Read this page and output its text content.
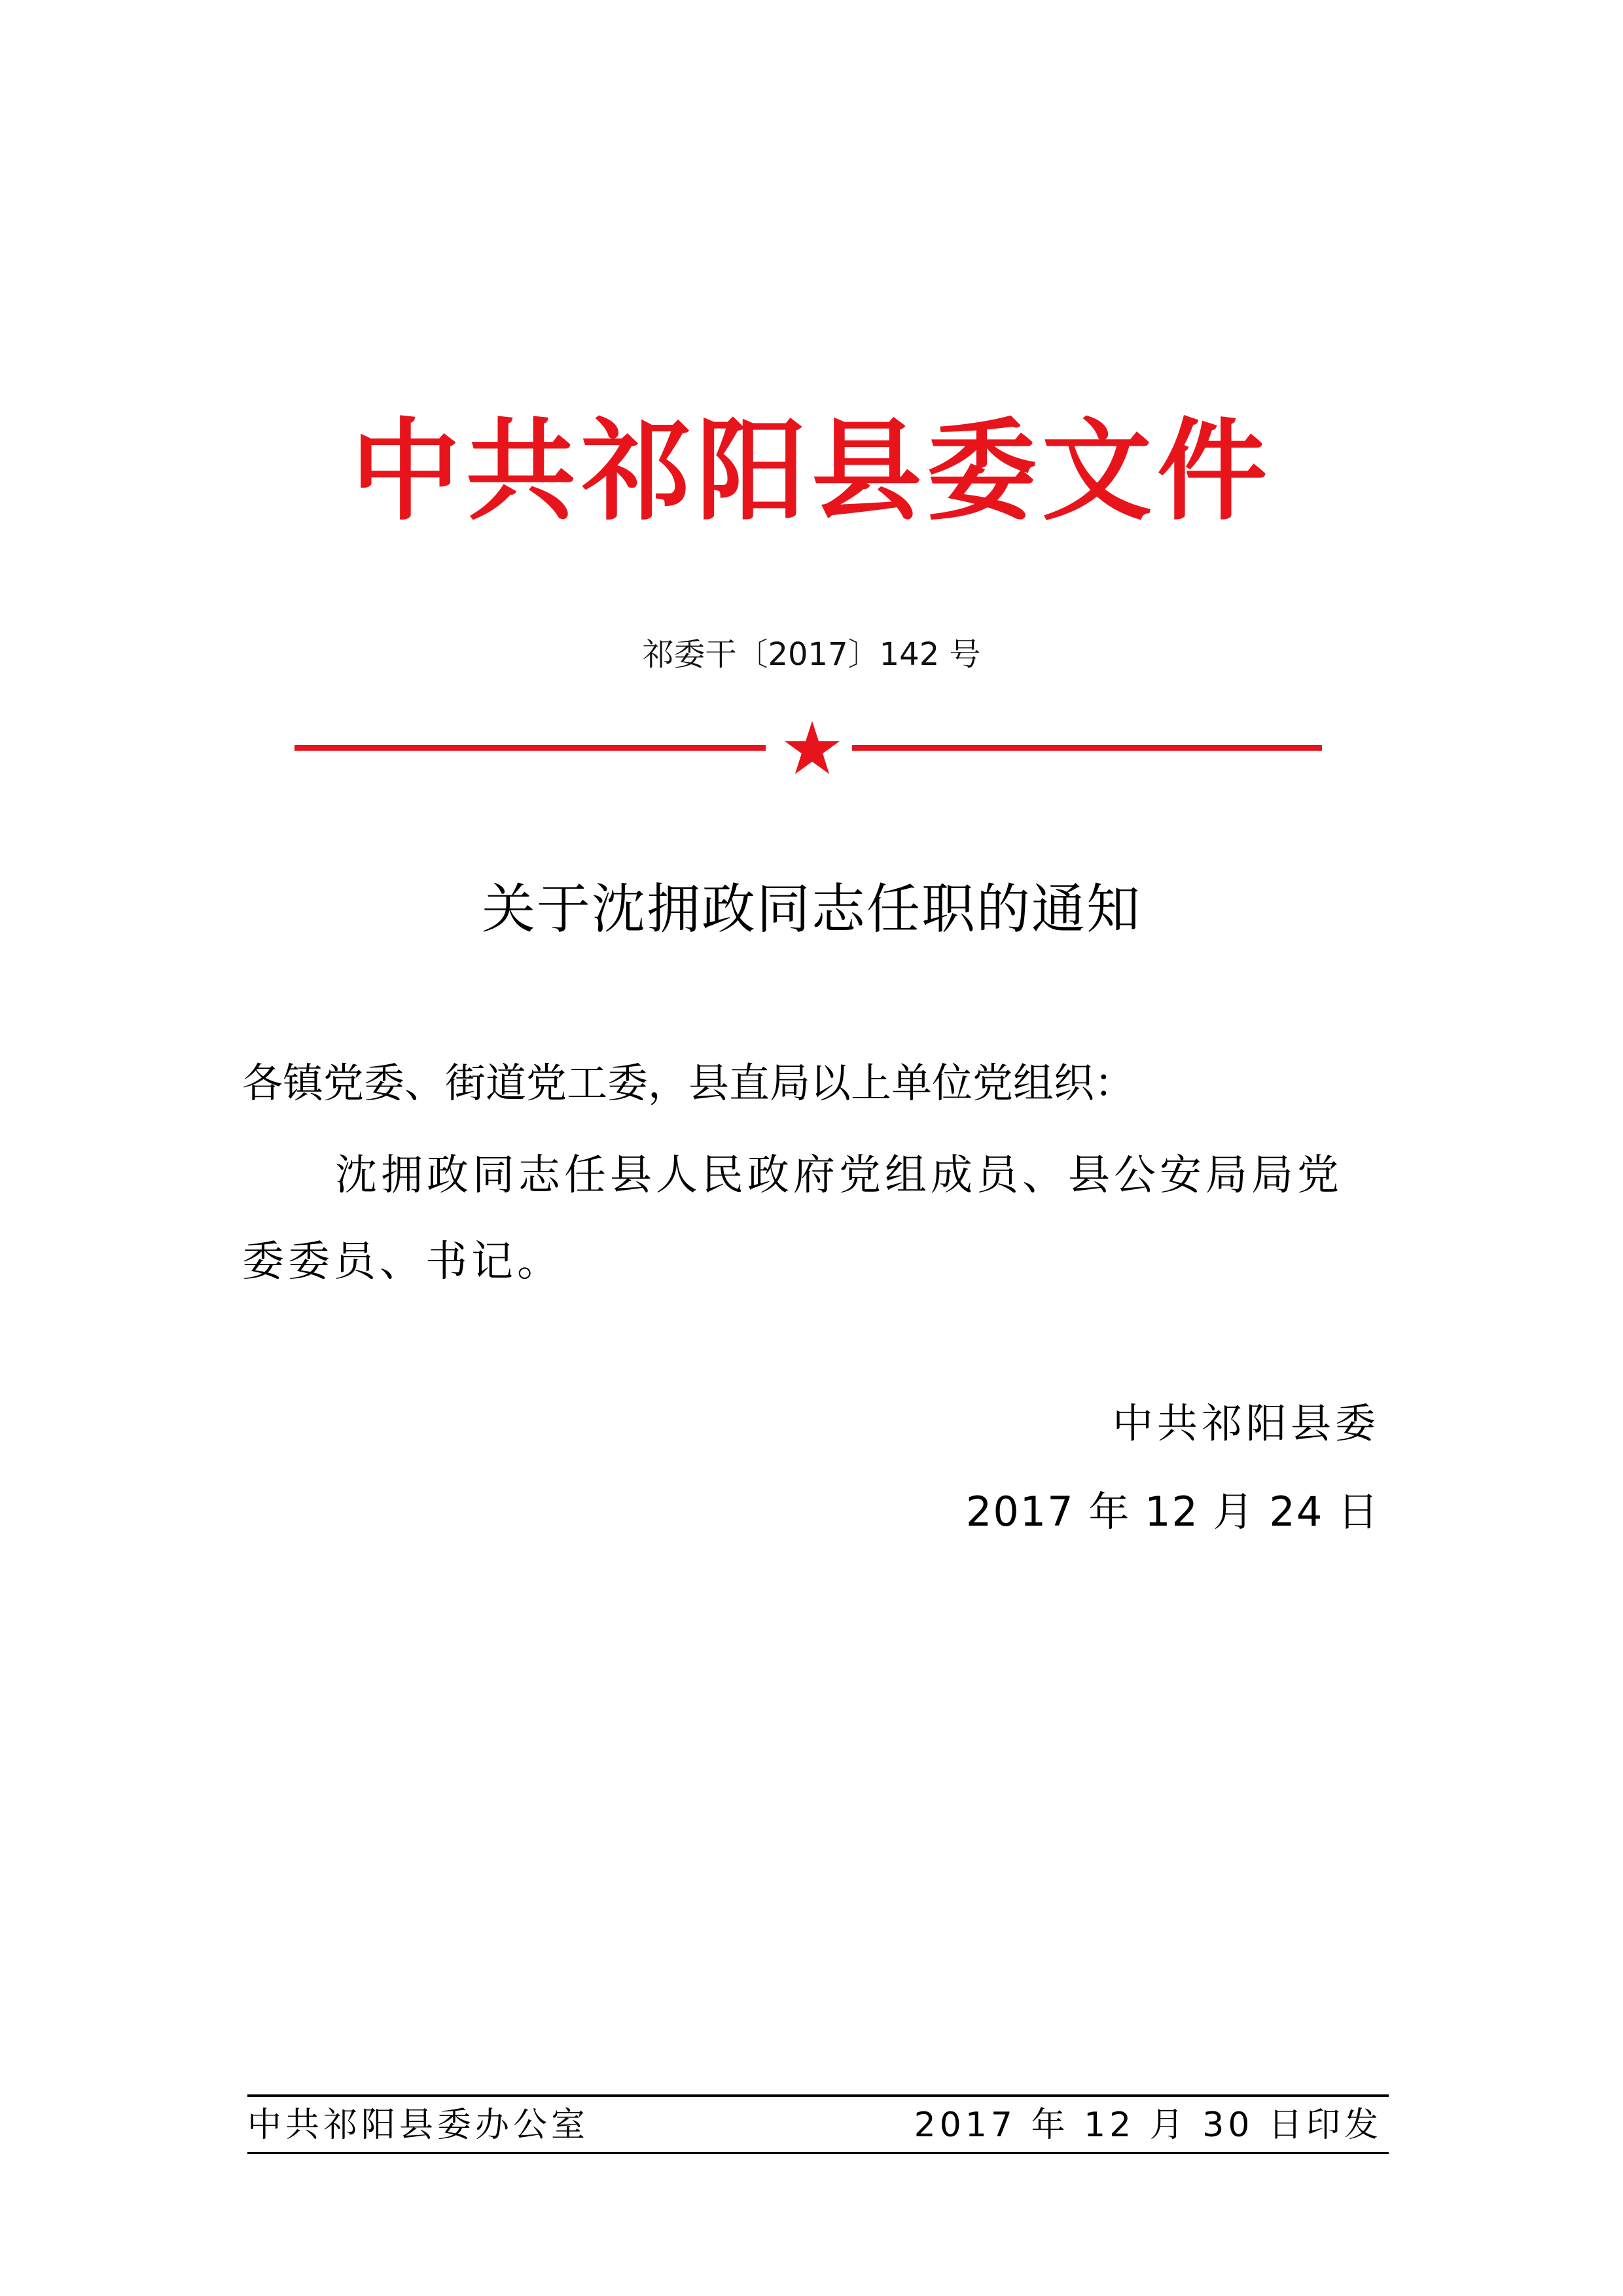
中共祁阳县委文件
祁委干〔2017〕142 号
关于沈拥政同志任职的通知
各镇党委、街道党工委，县直局以上单位党组织：
沈拥政同志任县人民政府党组成员、县公安局局党委委员、书记。
中共祁阳县委
2017 年 12 月 24 日
中共祁阳县委办公室	2017 年 12 月 30 日印发
